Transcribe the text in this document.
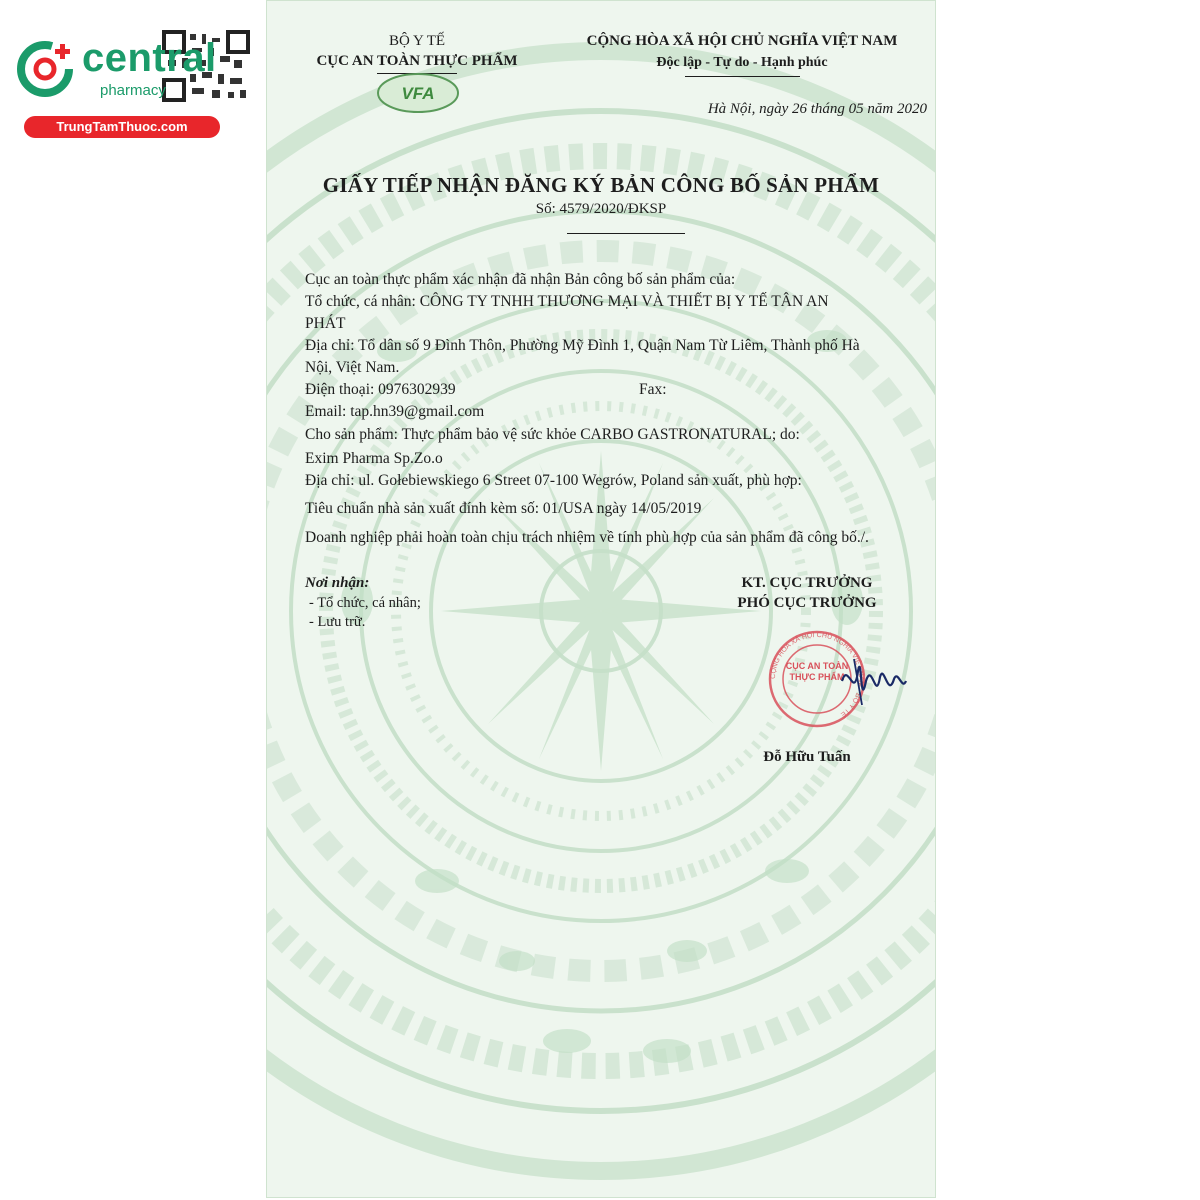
central
pharmacy
TrungTamThuoc.com
BỘ Y TẾ
CỤC AN TOÀN THỰC PHẨM
VFA
CỘNG HÒA XÃ HỘI CHỦ NGHĨA VIỆT NAM
Độc lập - Tự do - Hạnh phúc
Hà Nội, ngày 26 tháng 05 năm 2020
GIẤY TIẾP NHẬN ĐĂNG KÝ BẢN CÔNG BỐ SẢN PHẨM
Số: 4579/2020/ĐKSP
Cục an toàn thực phẩm xác nhận đã nhận Bản công bố sản phẩm của:
Tổ chức, cá nhân: CÔNG TY TNHH THƯƠNG MẠI VÀ THIẾT BỊ Y TẾ TÂN AN
PHÁT
Địa chỉ: Tổ dân số 9 Đình Thôn, Phường Mỹ Đình 1, Quận Nam Từ Liêm, Thành phố Hà
Nội, Việt Nam.
Điện thoại: 0976302939	Fax:
Email: tap.hn39@gmail.com
Cho sản phẩm: Thực phẩm bảo vệ sức khỏe CARBO GASTRONATURAL; do:
Exim Pharma Sp.Zo.o
Địa chỉ: ul. Gołebiewskiego 6 Street 07-100 Wegrów, Poland sản xuất, phù hợp:
Tiêu chuẩn nhà sản xuất đính kèm số: 01/USA ngày 14/05/2019
Doanh nghiệp phải hoàn toàn chịu trách nhiệm về tính phù hợp của sản phẩm đã công bố./.
Nơi nhận:
- Tổ chức, cá nhân;
- Lưu trữ.
KT. CỤC TRƯỞNG
PHÓ CỤC TRƯỞNG
CỘNG HÒA XÃ HỘI CHỦ NGHĨA VIỆT NAM · BỘ Y TẾ
CỤC AN TOÀN THỰC PHẨM
Đỗ Hữu Tuấn
